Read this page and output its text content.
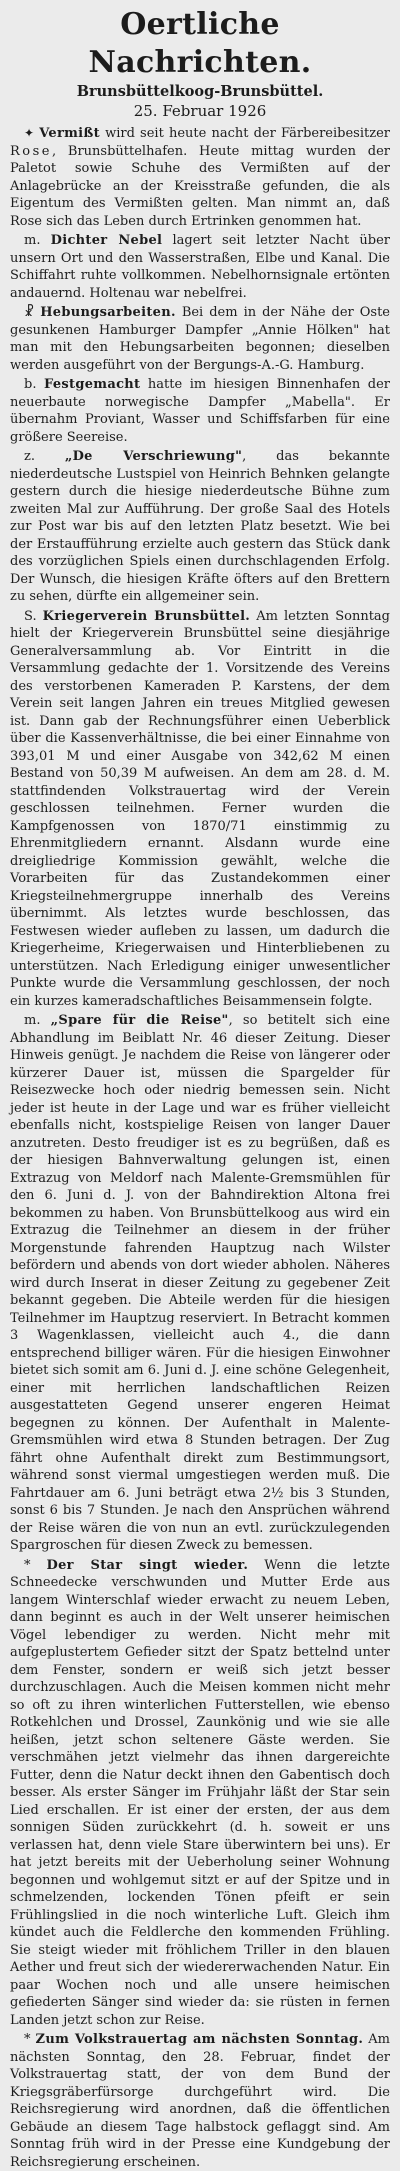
Oertliche Nachrichten.

Brunsbüttelkoog-Brunsbüttel.

25. Februar 1926

✦ Vermißt wird seit heute nacht der Färbereibesitzer Rose, Brunsbüttelhafen. Heute mittag wurden der Paletot sowie Schuhe des Vermißten auf der Anlagebrücke an der Kreisstraße gefunden, die als Eigentum des Vermißten gelten. Man nimmt an, daß Rose sich das Leben durch Ertrinken genommen hat.

m. Dichter Nebel lagert seit letzter Nacht über unsern Ort und den Wasserstraßen, Elbe und Kanal. Die Schiffahrt ruhte vollkommen. Nebelhornsignale ertönten andauernd. Holtenau war nebelfrei.

☧ Hebungsarbeiten. Bei dem in der Nähe der Oste gesunkenen Hamburger Dampfer „Annie Hölken" hat man mit den Hebungsarbeiten begonnen; dieselben werden ausgeführt von der Bergungs-A.-G. Hamburg.

b. Festgemacht hatte im hiesigen Binnenhafen der neuerbaute norwegische Dampfer „Mabella". Er übernahm Proviant, Wasser und Schiffsfarben für eine größere Seereise.

z. „De Verschriewung", das bekannte niederdeutsche Lustspiel von Heinrich Behnken gelangte gestern durch die hiesige niederdeutsche Bühne zum zweiten Mal zur Aufführung. Der große Saal des Hotels zur Post war bis auf den letzten Platz besetzt. Wie bei der Erstaufführung erzielte auch gestern das Stück dank des vorzüglichen Spiels einen durchschlagenden Erfolg. Der Wunsch, die hiesigen Kräfte öfters auf den Brettern zu sehen, dürfte ein allgemeiner sein.

S. Kriegerverein Brunsbüttel. Am letzten Sonntag hielt der Kriegerverein Brunsbüttel seine diesjährige Generalversammlung ab. Vor Eintritt in die Versammlung gedachte der 1. Vorsitzende des Vereins des verstorbenen Kameraden P. Karstens, der dem Verein seit langen Jahren ein treues Mitglied gewesen ist. Dann gab der Rechnungsführer einen Ueberblick über die Kassenverhältnisse, die bei einer Einnahme von 393,01 M und einer Ausgabe von 342,62 M einen Bestand von 50,39 M aufweisen. An dem am 28. d. M. stattfindenden Volkstrauertag wird der Verein geschlossen teilnehmen. Ferner wurden die Kampfgenossen von 1870/71 einstimmig zu Ehrenmitgliedern ernannt. Alsdann wurde eine dreigliedrige Kommission gewählt, welche die Vorarbeiten für das Zustandekommen einer Kriegsteilnehmergruppe innerhalb des Vereins übernimmt. Als letztes wurde beschlossen, das Festwesen wieder aufleben zu lassen, um dadurch die Kriegerheime, Kriegerwaisen und Hinterbliebenen zu unterstützen. Nach Erledigung einiger unwesentlicher Punkte wurde die Versammlung geschlossen, der noch ein kurzes kameradschaftliches Beisammensein folgte.

m. „Spare für die Reise", so betitelt sich eine Abhandlung im Beiblatt Nr. 46 dieser Zeitung. Dieser Hinweis genügt. Je nachdem die Reise von längerer oder kürzerer Dauer ist, müssen die Spargelder für Reisezwecke hoch oder niedrig bemessen sein. Nicht jeder ist heute in der Lage und war es früher vielleicht ebenfalls nicht, kostspielige Reisen von langer Dauer anzutreten. Desto freudiger ist es zu begrüßen, daß es der hiesigen Bahnverwaltung gelungen ist, einen Extrazug von Meldorf nach Malente-Gremsmühlen für den 6. Juni d. J. von der Bahndirektion Altona frei bekommen zu haben. Von Brunsbüttelkoog aus wird ein Extrazug die Teilnehmer an diesem in der früher Morgenstunde fahrenden Hauptzug nach Wilster befördern und abends von dort wieder abholen. Näheres wird durch Inserat in dieser Zeitung zu gegebener Zeit bekannt gegeben. Die Abteile werden für die hiesigen Teilnehmer im Hauptzug reserviert. In Betracht kommen 3 Wagenklassen, vielleicht auch 4., die dann entsprechend billiger wären. Für die hiesigen Einwohner bietet sich somit am 6. Juni d. J. eine schöne Gelegenheit, einer mit herrlichen landschaftlichen Reizen ausgestatteten Gegend unserer engeren Heimat begegnen zu können. Der Aufenthalt in Malente-Gremsmühlen wird etwa 8 Stunden betragen. Der Zug fährt ohne Aufenthalt direkt zum Bestimmungsort, während sonst viermal umgestiegen werden muß. Die Fahrtdauer am 6. Juni beträgt etwa 2½ bis 3 Stunden, sonst 6 bis 7 Stunden. Je nach den Ansprüchen während der Reise wären die von nun an evtl. zurückzulegenden Spargroschen für diesen Zweck zu bemessen.

* Der Star singt wieder. Wenn die letzte Schneedecke verschwunden und Mutter Erde aus langem Winterschlaf wieder erwacht zu neuem Leben, dann beginnt es auch in der Welt unserer heimischen Vögel lebendiger zu werden. Nicht mehr mit aufgeplustertem Gefieder sitzt der Spatz bettelnd unter dem Fenster, sondern er weiß sich jetzt besser durchzuschlagen. Auch die Meisen kommen nicht mehr so oft zu ihren winterlichen Futterstellen, wie ebenso Rotkehlchen und Drossel, Zaunkönig und wie sie alle heißen, jetzt schon seltenere Gäste werden. Sie verschmähen jetzt vielmehr das ihnen dargereichte Futter, denn die Natur deckt ihnen den Gabentisch doch besser. Als erster Sänger im Frühjahr läßt der Star sein Lied erschallen. Er ist einer der ersten, der aus dem sonnigen Süden zurückkehrt (d. h. soweit er uns verlassen hat, denn viele Stare überwintern bei uns). Er hat jetzt bereits mit der Ueberholung seiner Wohnung begonnen und wohlgemut sitzt er auf der Spitze und in schmelzenden, lockenden Tönen pfeift er sein Frühlingslied in die noch winterliche Luft. Gleich ihm kündet auch die Feldlerche den kommenden Frühling. Sie steigt wieder mit fröhlichem Triller in den blauen Aether und freut sich der wiedererwachenden Natur. Ein paar Wochen noch und alle unsere heimischen gefiederten Sänger sind wieder da: sie rüsten in fernen Landen jetzt schon zur Reise.

* Zum Volkstrauertag am nächsten Sonntag. Am nächsten Sonntag, den 28. Februar, findet der Volkstrauertag statt, der von dem Bund der Kriegsgräberfürsorge durchgeführt wird. Die Reichsregierung wird anordnen, daß die öffentlichen Gebäude an diesem Tage halbstock geflaggt sind. Am Sonntag früh wird in der Presse eine Kundgebung der Reichsregierung erscheinen.
